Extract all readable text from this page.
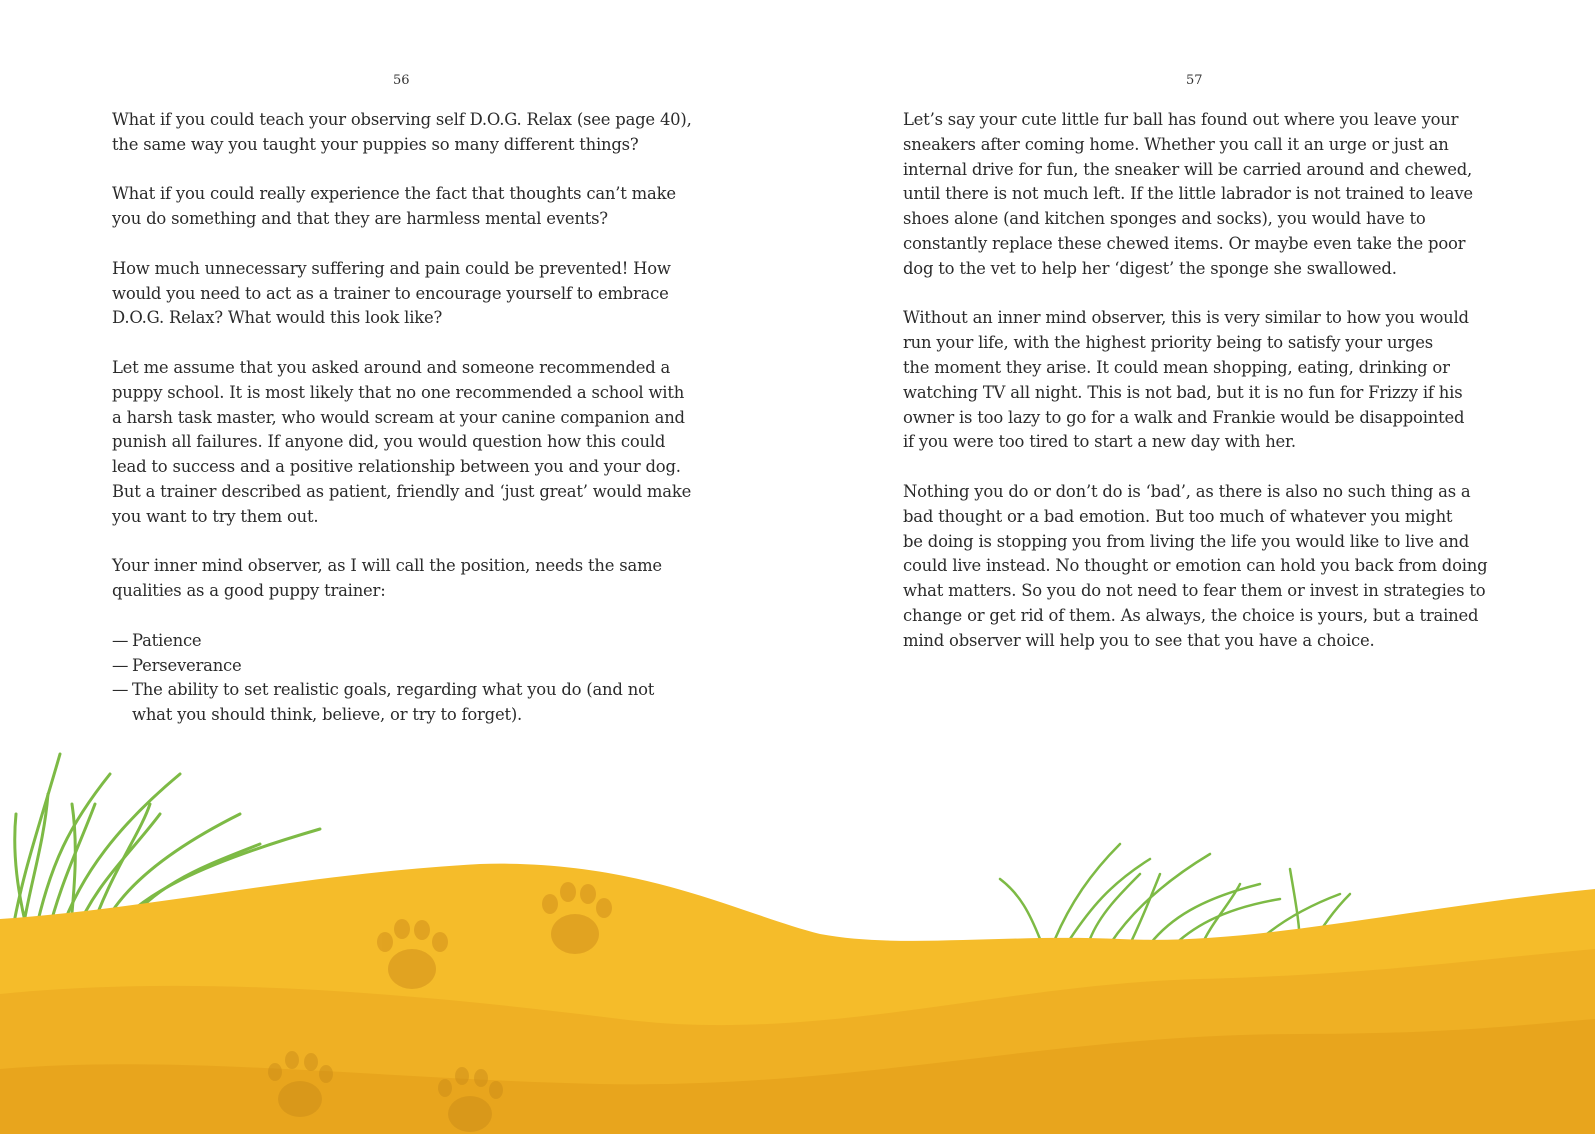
56	57

What if you could teach your observing self D.O.G. Relax (see page 40),
the same way you taught your puppies so many different things?

What if you could really experience the fact that thoughts can’t make
you do something and that they are harmless mental events?

How much unnecessary suffering and pain could be prevented! How
would you need to act as a trainer to encourage yourself to embrace
D.O.G. Relax? What would this look like?

Let me assume that you asked around and someone recommended a
puppy school. It is most likely that no one recommended a school with
a harsh task master, who would scream at your canine companion and
punish all failures. If anyone did, you would question how this could
lead to success and a positive relationship between you and your dog.
But a trainer described as patient, friendly and ‘just great’ would make
you want to try them out.

Your inner mind observer, as I will call the position, needs the same
qualities as a good puppy trainer:

— Patience
— Perseverance
— The ability to set realistic goals, regarding what you do (and not
what you should think, believe, or try to forget).

Let’s say your cute little fur ball has found out where you leave your
sneakers after coming home. Whether you call it an urge or just an
internal drive for fun, the sneaker will be carried around and chewed,
until there is not much left. If the little labrador is not trained to leave
shoes alone (and kitchen sponges and socks), you would have to
constantly replace these chewed items. Or maybe even take the poor
dog to the vet to help her ‘digest’ the sponge she swallowed.

Without an inner mind observer, this is very similar to how you would
run your life, with the highest priority being to satisfy your urges
the moment they arise. It could mean shopping, eating, drinking or
watching TV all night. This is not bad, but it is no fun for Frizzy if his
owner is too lazy to go for a walk and Frankie would be disappointed
if you were too tired to start a new day with her.

Nothing you do or don’t do is ‘bad’, as there is also no such thing as a
bad thought or a bad emotion. But too much of whatever you might
be doing is stopping you from living the life you would like to live and
could live instead. No thought or emotion can hold you back from doing
what matters. So you do not need to fear them or invest in strategies to
change or get rid of them. As always, the choice is yours, but a trained
mind observer will help you to see that you have a choice.
